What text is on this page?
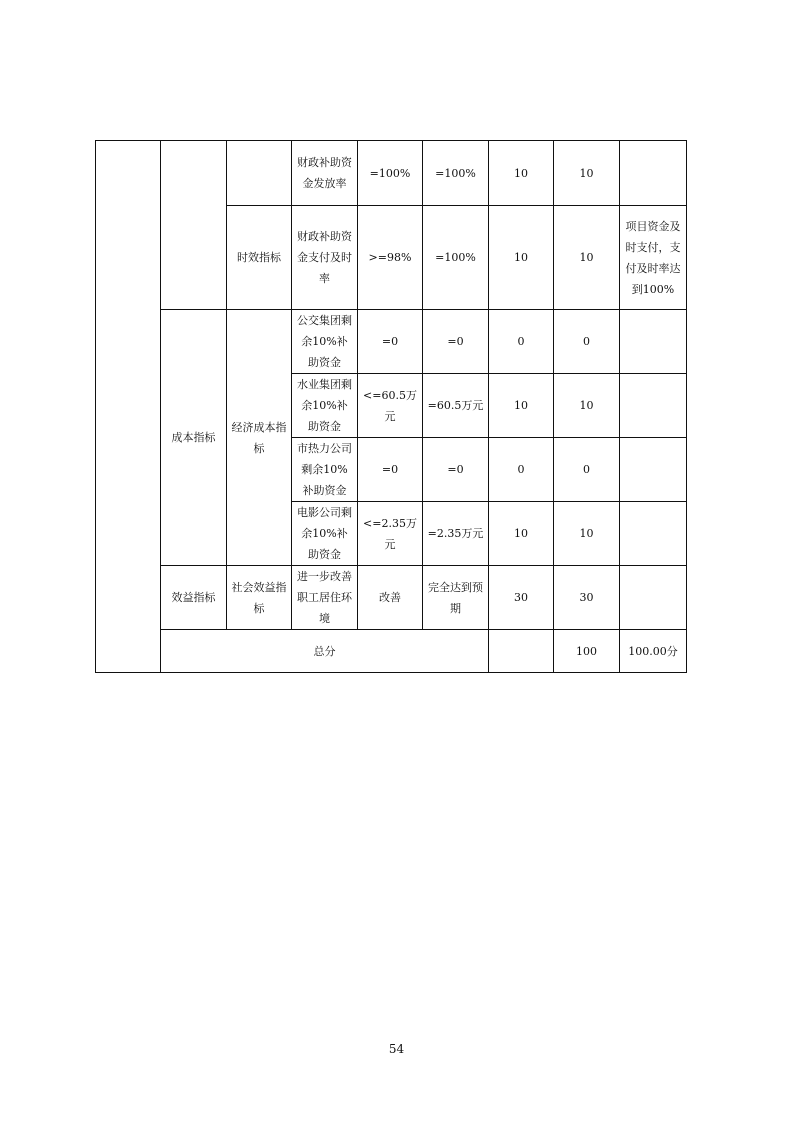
			财政补助资金发放率	=100%	=100%	10	10		
		时效指标	财政补助资金支付及时率	>=98%	=100%	10	10	项目资金及时支付，支付及时率达到100%	
	成本指标	经济成本指标	公交集团剩余10%补助资金	=0	=0	0	0		
			水业集团剩余10%补助资金	<=60.5万元	=60.5万元	10	10		
			市热力公司剩余10%补助资金	=0	=0	0	0		
			电影公司剩余10%补助资金	<=2.35万元	=2.35万元	10	10		
	效益指标	社会效益指标	进一步改善职工居住环境	改善	完全达到预期	30	30		
	总分						100	100.00分	
54
